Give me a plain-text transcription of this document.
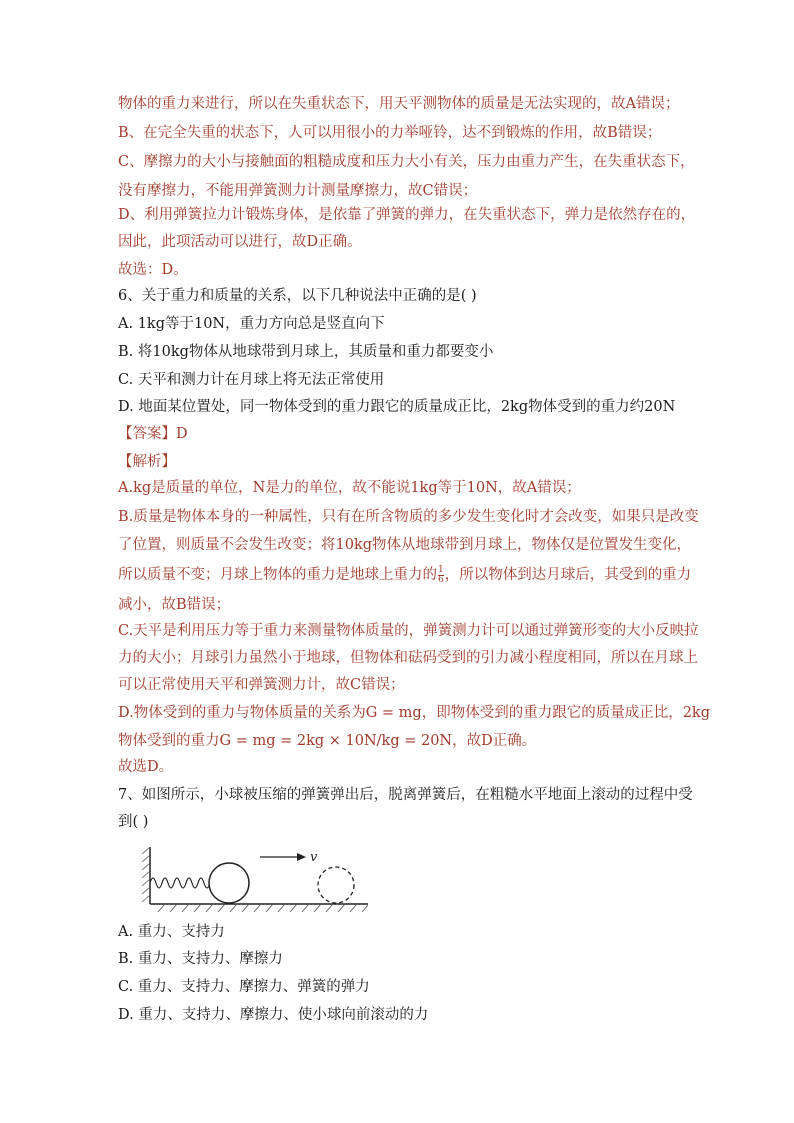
物体的重力来进行，所以在失重状态下，用天平测物体的质量是无法实现的，故A错误；
B、在完全失重的状态下，人可以用很小的力举哑铃，达不到锻炼的作用，故B错误；
C、摩擦力的大小与接触面的粗糙成度和压力大小有关，压力由重力产生，在失重状态下，
没有摩擦力，不能用弹簧测力计测量摩擦力，故C错误；
D、利用弹簧拉力计锻炼身体，是依靠了弹簧的弹力，在失重状态下，弹力是依然存在的，
因此，此项活动可以进行，故D正确。
故选：D。
6、关于重力和质量的关系，以下几种说法中正确的是( )
A. 1kg等于10N，重力方向总是竖直向下
B. 将10kg物体从地球带到月球上，其质量和重力都要变小
C. 天平和测力计在月球上将无法正常使用
D. 地面某位置处，同一物体受到的重力跟它的质量成正比，2kg物体受到的重力约20N
【答案】D
【解析】
A.kg是质量的单位，N是力的单位，故不能说1kg等于10N，故A错误；
B.质量是物体本身的一种属性，只有在所含物质的多少发生变化时才会改变，如果只是改变
了位置，则质量不会发生改变；将10kg物体从地球带到月球上，物体仅是位置发生变化，
所以质量不变；月球上物体的重力是地球上重力的 $\frac{1}{6}$ ，所以物体到达月球后，其受到的重力
减小，故B错误；
C.天平是利用压力等于重力来测量物体质量的，弹簧测力计可以通过弹簧形变的大小反映拉
力的大小；月球引力虽然小于地球，但物体和砝码受到的引力减小程度相同，所以在月球上
可以正常使用天平和弹簧测力计，故C错误；
D.物体受到的重力与物体质量的关系为G = mg，即物体受到的重力跟它的质量成正比，2kg
物体受到的重力G = mg = 2kg × 10N/kg = 20N，故D正确。
故选D。
7、如图所示，小球被压缩的弹簧弹出后，脱离弹簧后，在粗糙水平地面上滚动的过程中受
到( )
v
A. 重力、支持力
B. 重力、支持力、摩擦力
C. 重力、支持力、摩擦力、弹簧的弹力
D. 重力、支持力、摩擦力、使小球向前滚动的力
